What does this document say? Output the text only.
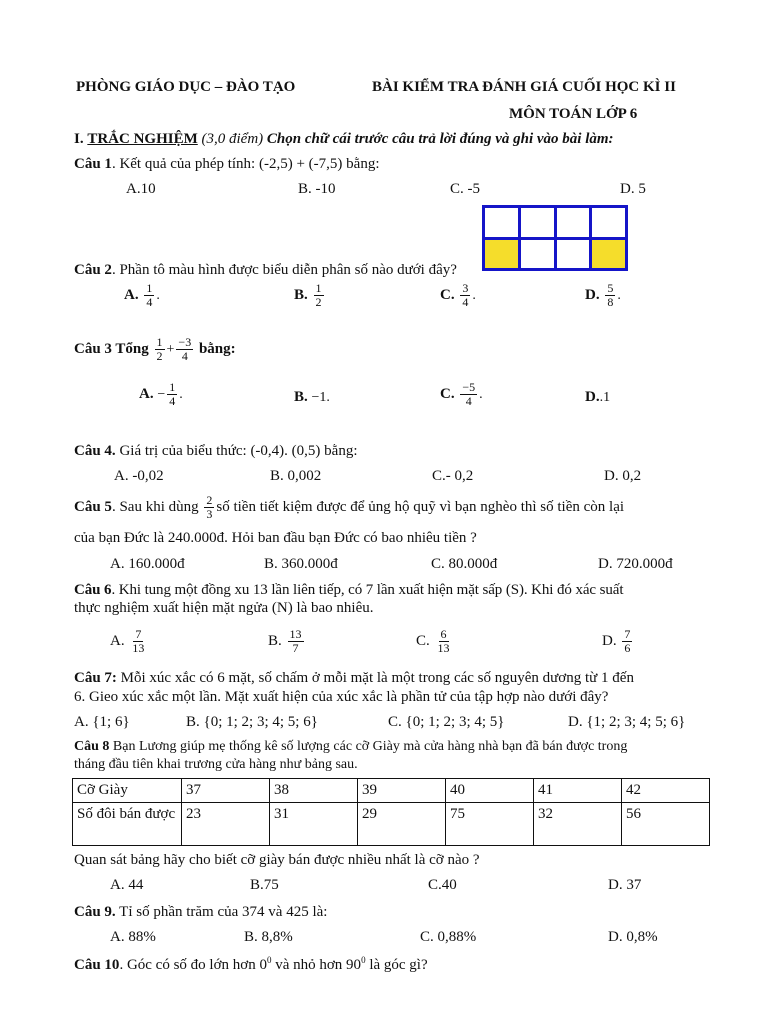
PHÒNG GIÁO DỤC – ĐÀO TẠO	BÀI KIỂM TRA ĐÁNH GIÁ CUỐI HỌC KÌ II
MÔN TOÁN LỚP 6
I. TRẮC NGHIỆM (3,0 điểm) Chọn chữ cái trước câu trả lời đúng và ghi vào bài làm:
Câu 1. Kết quả của phép tính: (-2,5) + (-7,5) bằng:
A.10	B. -10	C. -5	D. 5
Câu 2. Phần tô màu hình được biểu diễn phân số nào dưới đây?
A. $\frac{1}{4}$ .	B. $\frac{1}{2}$	C. $\frac{3}{4}$ .	D. $\frac{5}{8}$ .
Câu 3 Tổng $\frac{1}{2} + \frac{-3}{4}$ bằng:
A. − $\frac{1}{4}$ .	B. −1.	C. $\frac{-5}{4}$ .	D..1
Câu 4. Giá trị của biểu thức: (-0,4). (0,5) bằng:
A. -0,02	B. 0,002	C.- 0,2	D. 0,2
Câu 5. Sau khi dùng $\frac{2}{3}$ số tiền tiết kiệm được để ủng hộ quỹ vì bạn nghèo thì số tiền còn lại
của bạn Đức là 240.000đ. Hỏi ban đầu bạn Đức có bao nhiêu tiền ?
A. 160.000đ	B. 360.000đ	C. 80.000đ	D. 720.000đ
Câu 6. Khi tung một đồng xu 13 lần liên tiếp, có 7 lần xuất hiện mặt sấp (S). Khi đó xác suất
thực nghiệm xuất hiện mặt ngửa (N) là bao nhiêu.
A. $\frac{7}{13}$	B. $\frac{13}{7}$	C. $\frac{6}{13}$	D. $\frac{7}{6}$
Câu 7: Mỗi xúc xắc có 6 mặt, số chấm ở mỗi mặt là một trong các số nguyên dương từ 1 đến
6. Gieo xúc xắc một lần. Mặt xuất hiện của xúc xắc là phần tử của tập hợp nào dưới đây?
A. {1; 6}	B. {0; 1; 2; 3; 4; 5; 6}	C. {0; 1; 2; 3; 4; 5}	D. {1; 2; 3; 4; 5; 6}
Câu 8 Bạn Lương giúp mẹ thống kê số lượng các cỡ Giày mà cửa hàng nhà bạn đã bán được trong
tháng đầu tiên khai trương cửa hàng như bảng sau.
Cỡ Giày	37	38	39	40	41	42
Số đôi bán được	23	31	29	75	32	56
Quan sát bảng hãy cho biết cỡ giày bán được nhiều nhất là cỡ nào ?
A. 44	B.75	C.40	D. 37
Câu 9. Tỉ số phần trăm của 374 và 425 là:
A. 88%	B. 8,8%	C. 0,88%	D. 0,8%
Câu 10. Góc có số đo lớn hơn $0^0$ và nhỏ hơn $90^0$ là góc gì?
